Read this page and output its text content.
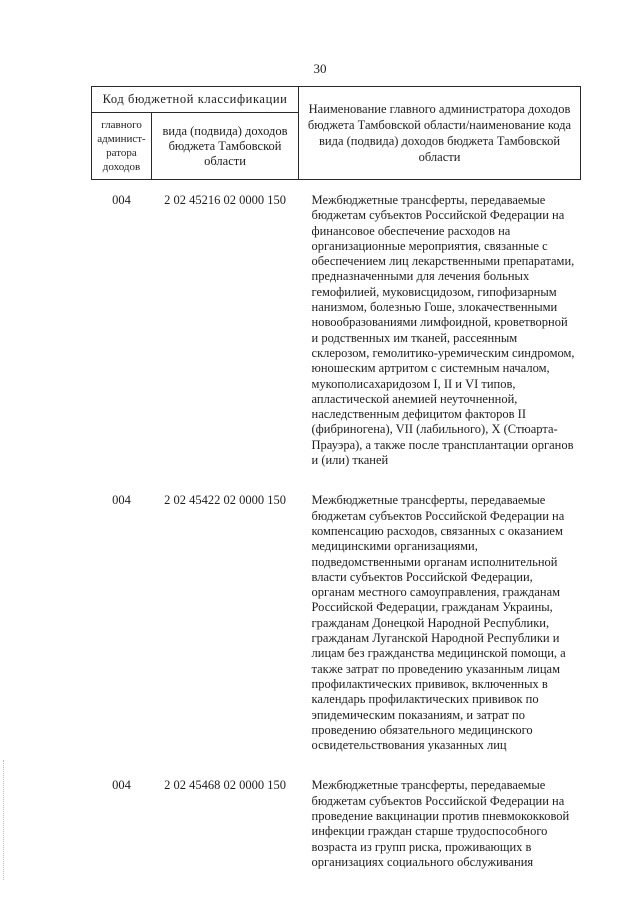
30
Код бюджетной классификации		Наименование главного администратора доходов бюджета Тамбовской области/наименование кода вида (подвида) доходов бюджета Тамбовской области
главного админист-ратора доходов	вида (подвида) доходов бюджета Тамбовской области	

004	2 02 45216 02 0000 150	Межбюджетные трансферты, передаваемые бюджетам субъектов Российской Федерации на финансовое обеспечение расходов на организационные мероприятия, связанные с обеспечением лиц лекарственными препаратами, предназначенными для лечения больных гемофилией, муковисцидозом, гипофизарным нанизмом, болезнью Гоше, злокачественными новообразованиями лимфоидной, кроветворной и родственных им тканей, рассеянным склерозом, гемолитико-уремическим синдромом, юношеским артритом с системным началом, мукополисахаридозом I, II и VI типов, апластической анемией неуточненной, наследственным дефицитом факторов II (фибриногена), VII (лабильного), X (Стюарта-Прауэра), а также после трансплантации органов и (или) тканей

004	2 02 45422 02 0000 150	Межбюджетные трансферты, передаваемые бюджетам субъектов Российской Федерации на компенсацию расходов, связанных с оказанием медицинскими организациями, подведомственными органам исполнительной власти субъектов Российской Федерации, органам местного самоуправления, гражданам Российской Федерации, гражданам Украины, гражданам Донецкой Народной Республики, гражданам Луганской Народной Республики и лицам без гражданства медицинской помощи, а также затрат по проведению указанным лицам профилактических прививок, включенных в календарь профилактических прививок по эпидемическим показаниям, и затрат по проведению обязательного медицинского освидетельствования указанных лиц

004	2 02 45468 02 0000 150	Межбюджетные трансферты, передаваемые бюджетам субъектов Российской Федерации на проведение вакцинации против пневмококковой инфекции граждан старше трудоспособного возраста из групп риска, проживающих в организациях социального обслуживания
